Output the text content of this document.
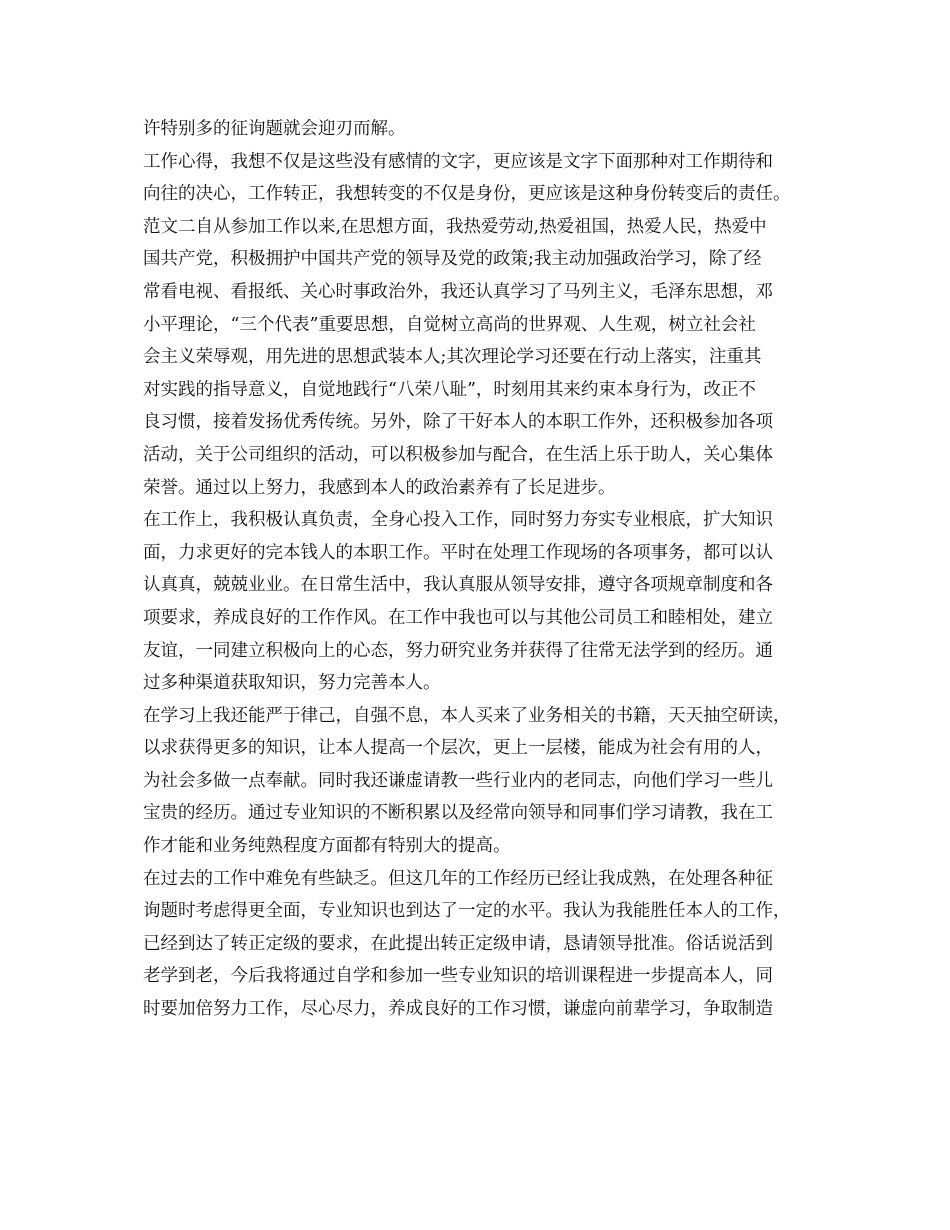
许特别多的征询题就会迎刃而解。
工作心得，我想不仅是这些没有感情的文字，更应该是文字下面那种对工作期待和
向往的决心，工作转正，我想转变的不仅是身份，更应该是这种身份转变后的责任。
范文二自从参加工作以来,在思想方面，我热爱劳动,热爱祖国，热爱人民，热爱中
国共产党，积极拥护中国共产党的领导及党的政策;我主动加强政治学习，除了经
常看电视、看报纸、关心时事政治外，我还认真学习了马列主义，毛泽东思想，邓
小平理论，“三个代表”重要思想，自觉树立高尚的世界观、人生观，树立社会社
会主义荣辱观，用先进的思想武装本人;其次理论学习还要在行动上落实，注重其
对实践的指导意义，自觉地践行“八荣八耻”，时刻用其来约束本身行为，改正不
良习惯，接着发扬优秀传统。另外，除了干好本人的本职工作外，还积极参加各项
活动，关于公司组织的活动，可以积极参加与配合，在生活上乐于助人，关心集体
荣誉。通过以上努力，我感到本人的政治素养有了长足进步。
在工作上，我积极认真负责，全身心投入工作，同时努力夯实专业根底，扩大知识
面，力求更好的完本钱人的本职工作。平时在处理工作现场的各项事务，都可以认
认真真，兢兢业业。在日常生活中，我认真服从领导安排，遵守各项规章制度和各
项要求，养成良好的工作作风。在工作中我也可以与其他公司员工和睦相处，建立
友谊，一同建立积极向上的心态，努力研究业务并获得了往常无法学到的经历。通
过多种渠道获取知识，努力完善本人。
在学习上我还能严于律己，自强不息，本人买来了业务相关的书籍，天天抽空研读，
以求获得更多的知识，让本人提高一个层次，更上一层楼，能成为社会有用的人，
为社会多做一点奉献。同时我还谦虚请教一些行业内的老同志，向他们学习一些儿
宝贵的经历。通过专业知识的不断积累以及经常向领导和同事们学习请教，我在工
作才能和业务纯熟程度方面都有特别大的提高。
在过去的工作中难免有些缺乏。但这几年的工作经历已经让我成熟，在处理各种征
询题时考虑得更全面，专业知识也到达了一定的水平。我认为我能胜任本人的工作，
已经到达了转正定级的要求，在此提出转正定级申请，恳请领导批准。俗话说活到
老学到老，今后我将通过自学和参加一些专业知识的培训课程进一步提高本人，同
时要加倍努力工作，尽心尽力，养成良好的工作习惯，谦虚向前辈学习，争取制造
